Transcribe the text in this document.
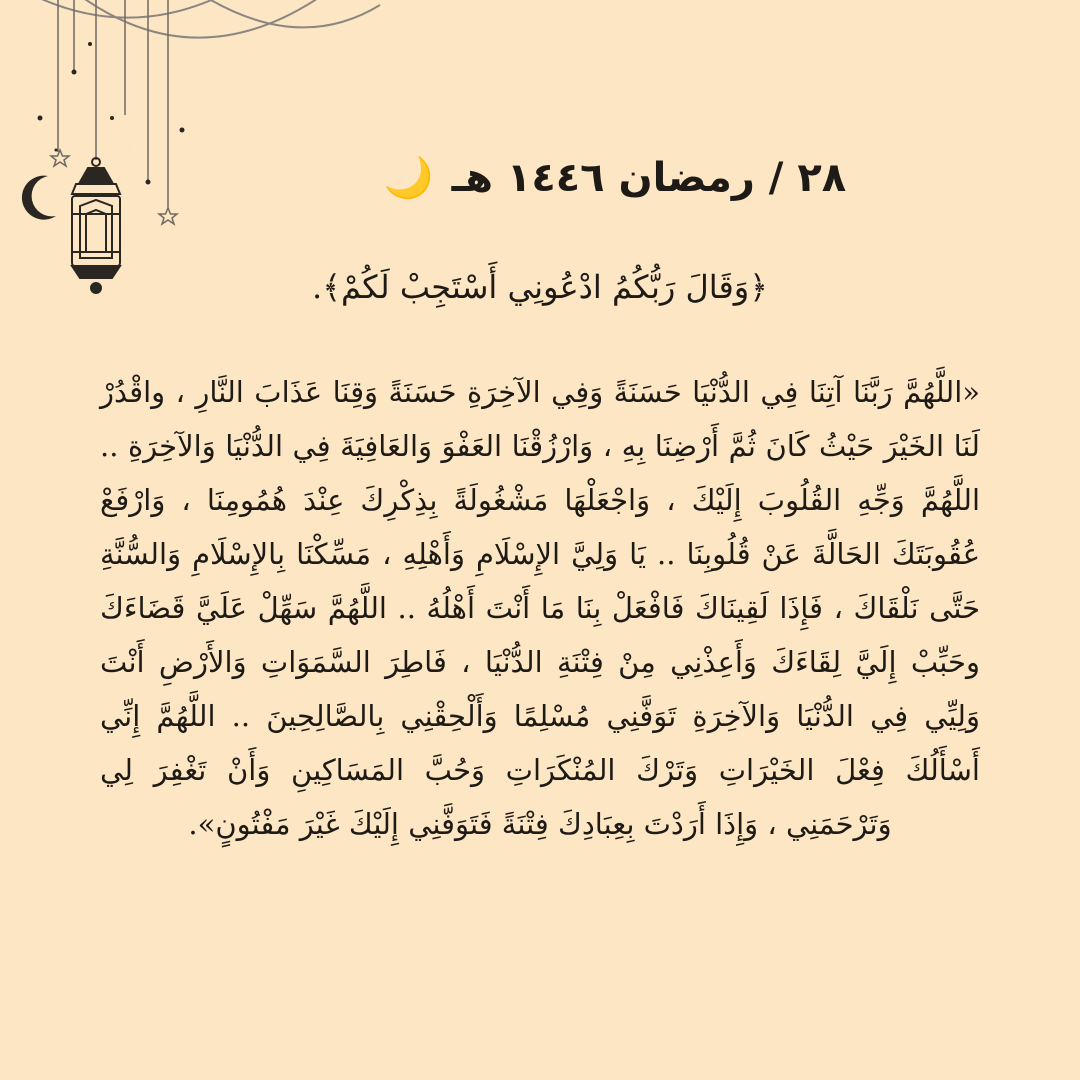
٢٨ / رمضان ١٤٤٦ هـ 🌙
﴿وَقَالَ رَبُّكُمُ ادْعُونِي أَسْتَجِبْ لَكُمْ﴾.
«اللَّهُمَّ رَبَّنَا آتِنَا فِي الدُّنْيَا حَسَنَةً وَفِي الآخِرَةِ حَسَنَةً وَقِنَا عَذَابَ النَّارِ ، واقْدُرْ لَنَا الخَيْرَ حَيْثُ كَانَ ثُمَّ أَرْضِنَا بِهِ ، وَارْزُقْنَا العَفْوَ وَالعَافِيَةَ فِي الدُّنْيَا وَالآخِرَةِ .. اللَّهُمَّ وَجِّهِ القُلُوبَ إِلَيْكَ ، وَاجْعَلْهَا مَشْغُولَةً بِذِكْرِكَ عِنْدَ هُمُومِنَا ، وَارْفَعْ عُقُوبَتَكَ الحَالَّةَ عَنْ قُلُوبِنَا .. يَا وَلِيَّ الإِسْلَامِ وَأَهْلِهِ ، مَسِّكْنَا بِالإِسْلَامِ وَالسُّنَّةِ حَتَّى نَلْقَاكَ ، فَإِذَا لَقِينَاكَ فَافْعَلْ بِنَا مَا أَنْتَ أَهْلُهُ .. اللَّهُمَّ سَهِّلْ عَلَيَّ قَضَاءَكَ وحَبِّبْ إِلَيَّ لِقَاءَكَ وَأَعِذْنِي مِنْ فِتْنَةِ الدُّنْيَا ، فَاطِرَ السَّمَوَاتِ وَالأَرْضِ أَنْتَ وَلِيِّي فِي الدُّنْيَا وَالآخِرَةِ تَوَفَّنِي مُسْلِمًا وَأَلْحِقْنِي بِالصَّالِحِينَ .. اللَّهُمَّ إِنِّي أَسْأَلُكَ فِعْلَ الخَيْرَاتِ وَتَرْكَ المُنْكَرَاتِ وَحُبَّ المَسَاكِينِ وَأَنْ تَغْفِرَ لِي وَتَرْحَمَنِي ، وَإِذَا أَرَدْتَ بِعِبَادِكَ فِتْنَةً فَتَوَفَّنِي إِلَيْكَ غَيْرَ مَفْتُونٍ».
